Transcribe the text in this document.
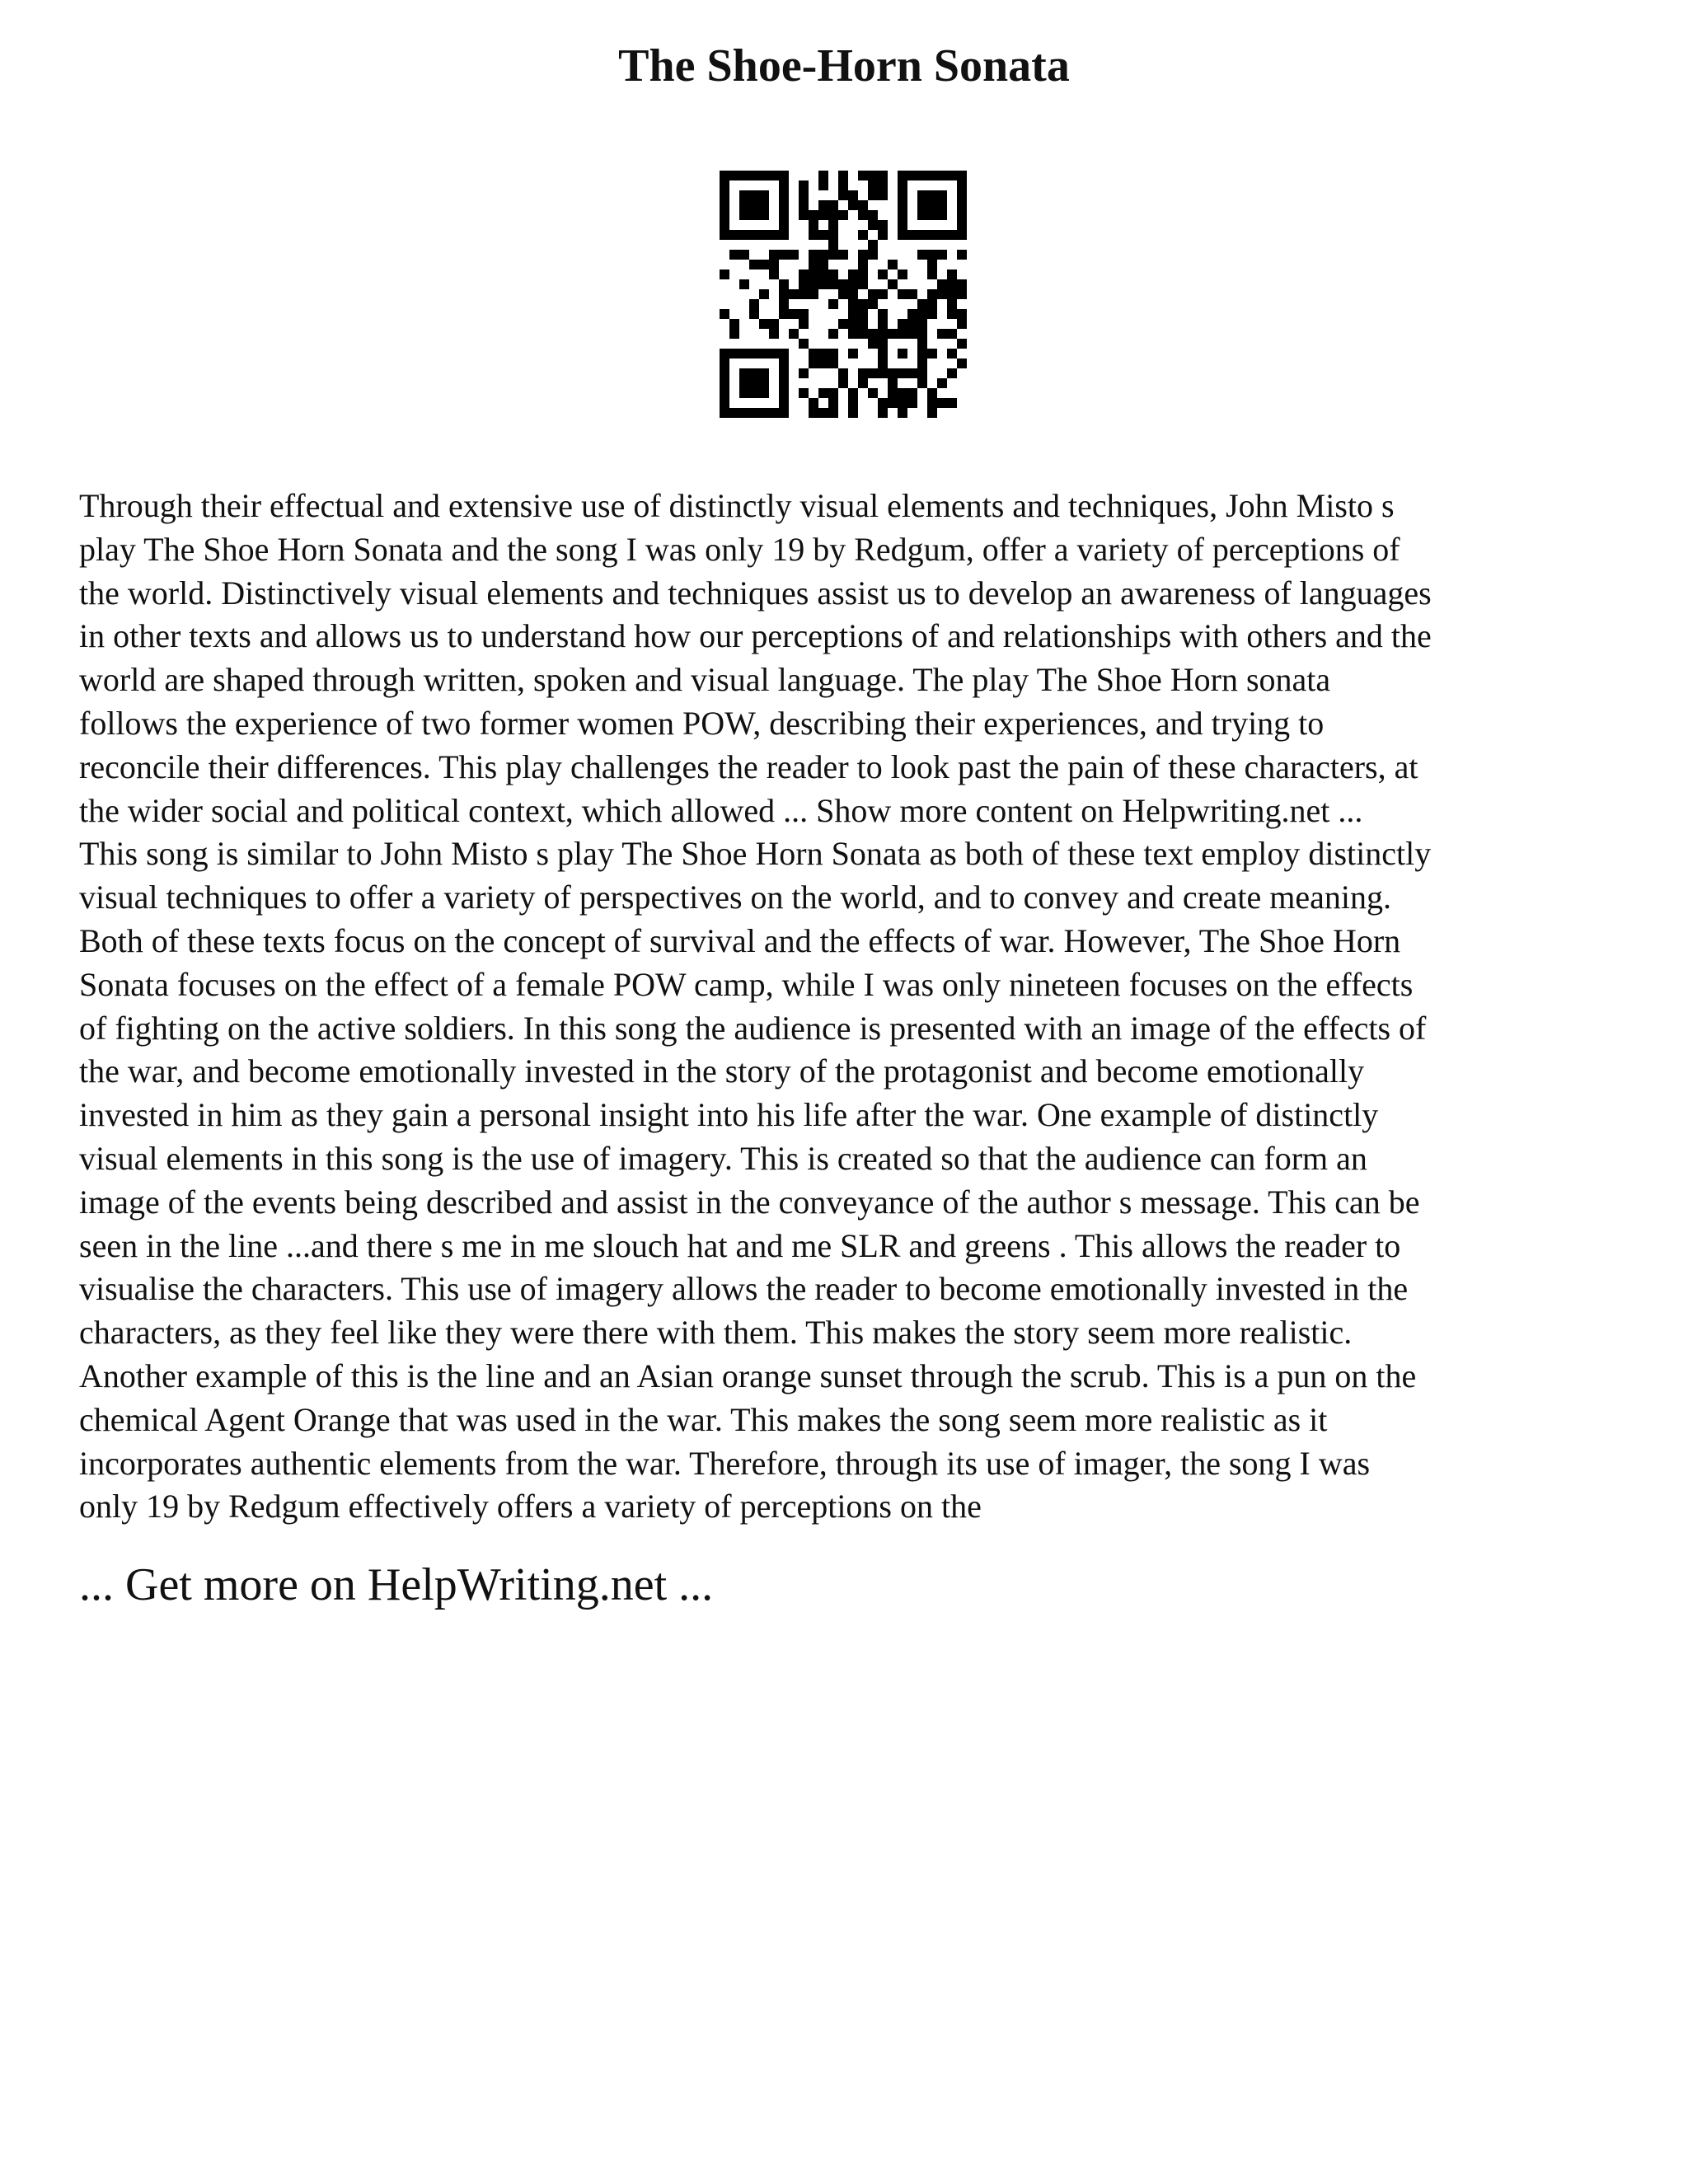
The Shoe-Horn Sonata
Through their effectual and extensive use of distinctly visual elements and techniques, John Misto s
play The Shoe Horn Sonata and the song I was only 19 by Redgum, offer a variety of perceptions of
the world. Distinctively visual elements and techniques assist us to develop an awareness of languages
in other texts and allows us to understand how our perceptions of and relationships with others and the
world are shaped through written, spoken and visual language. The play The Shoe Horn sonata
follows the experience of two former women POW, describing their experiences, and trying to
reconcile their differences. This play challenges the reader to look past the pain of these characters, at
the wider social and political context, which allowed ... Show more content on Helpwriting.net ...
This song is similar to John Misto s play The Shoe Horn Sonata as both of these text employ distinctly
visual techniques to offer a variety of perspectives on the world, and to convey and create meaning.
Both of these texts focus on the concept of survival and the effects of war. However, The Shoe Horn
Sonata focuses on the effect of a female POW camp, while I was only nineteen focuses on the effects
of fighting on the active soldiers. In this song the audience is presented with an image of the effects of
the war, and become emotionally invested in the story of the protagonist and become emotionally
invested in him as they gain a personal insight into his life after the war. One example of distinctly
visual elements in this song is the use of imagery. This is created so that the audience can form an
image of the events being described and assist in the conveyance of the author s message. This can be
seen in the line ...and there s me in me slouch hat and me SLR and greens . This allows the reader to
visualise the characters. This use of imagery allows the reader to become emotionally invested in the
characters, as they feel like they were there with them. This makes the story seem more realistic.
Another example of this is the line and an Asian orange sunset through the scrub. This is a pun on the
chemical Agent Orange that was used in the war. This makes the song seem more realistic as it
incorporates authentic elements from the war. Therefore, through its use of imager, the song I was
only 19 by Redgum effectively offers a variety of perceptions on the
... Get more on HelpWriting.net ...
